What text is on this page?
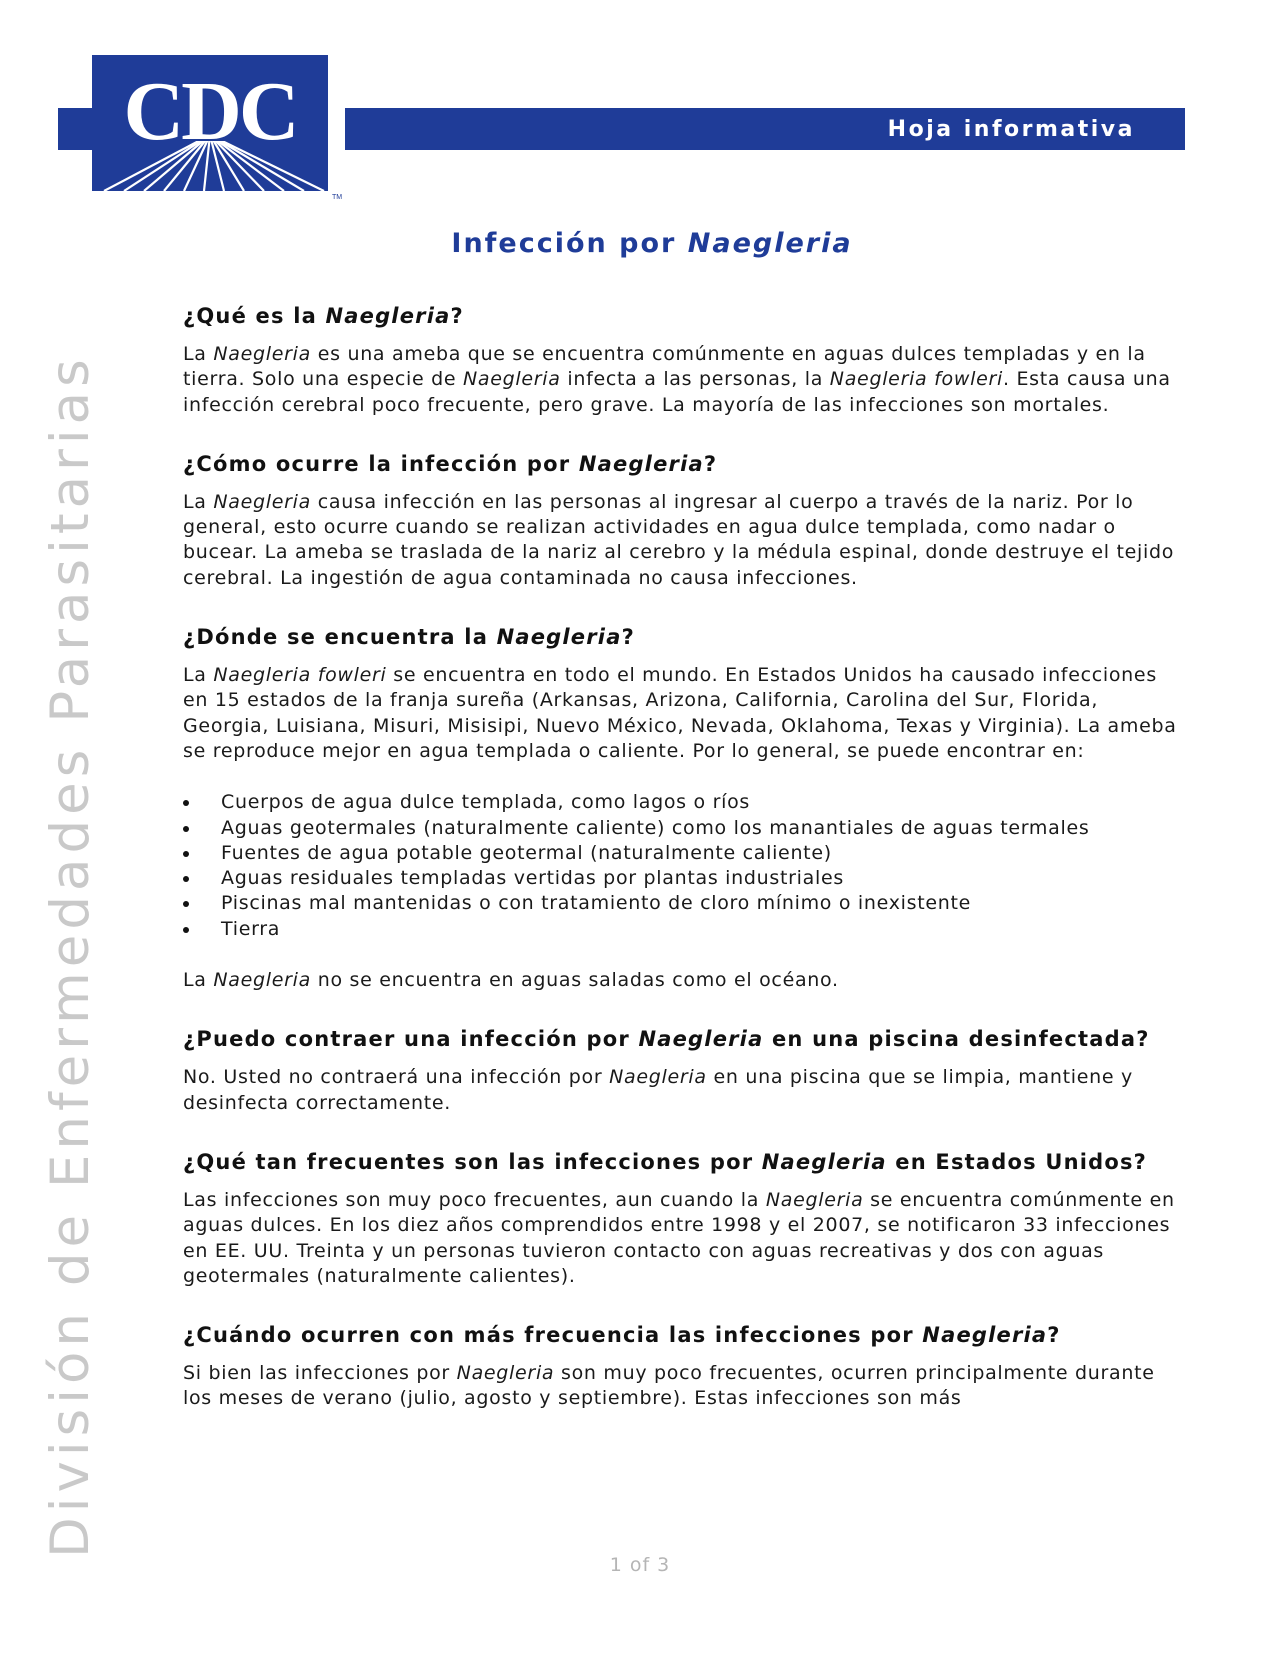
CDC
TM
Hoja informativa
División de Enfermedades Parasitarias
Infección por Naegleria
¿Qué es la Naegleria?

La Naegleria es una ameba que se encuentra comúnmente en aguas dulces templadas y en la tierra. Solo una especie de Naegleria infecta a las personas, la Naegleria fowleri. Esta causa una infección cerebral poco frecuente, pero grave. La mayoría de las infecciones son mortales.

¿Cómo ocurre la infección por Naegleria?

La Naegleria causa infección en las personas al ingresar al cuerpo a través de la nariz. Por lo general, esto ocurre cuando se realizan actividades en agua dulce templada, como nadar o bucear. La ameba se traslada de la nariz al cerebro y la médula espinal, donde destruye el tejido cerebral. La ingestión de agua contaminada no causa infecciones.

¿Dónde se encuentra la Naegleria?

La Naegleria fowleri se encuentra en todo el mundo. En Estados Unidos ha causado infecciones en 15 estados de la franja sureña (Arkansas, Arizona, California, Carolina del Sur, Florida, Georgia, Luisiana, Misuri, Misisipi, Nuevo México, Nevada, Oklahoma, Texas y Virginia). La ameba se reproduce mejor en agua templada o caliente. Por lo general, se puede encontrar en:

Cuerpos de agua dulce templada, como lagos o ríos
Aguas geotermales (naturalmente caliente) como los manantiales de aguas termales
Fuentes de agua potable geotermal (naturalmente caliente)
Aguas residuales templadas vertidas por plantas industriales
Piscinas mal mantenidas o con tratamiento de cloro mínimo o inexistente
Tierra

La Naegleria no se encuentra en aguas saladas como el océano.

¿Puedo contraer una infección por Naegleria en una piscina desinfectada?

No. Usted no contraerá una infección por Naegleria en una piscina que se limpia, mantiene y desinfecta correctamente.

¿Qué tan frecuentes son las infecciones por Naegleria en Estados Unidos?

Las infecciones son muy poco frecuentes, aun cuando la Naegleria se encuentra comúnmente en aguas dulces. En los diez años comprendidos entre 1998 y el 2007, se notificaron 33 infecciones en EE. UU. Treinta y un personas tuvieron contacto con aguas recreativas y dos con aguas geotermales (naturalmente calientes).

¿Cuándo ocurren con más frecuencia las infecciones por Naegleria?

Si bien las infecciones por Naegleria son muy poco frecuentes, ocurren principalmente durante los meses de verano (julio, agosto y septiembre). Estas infecciones son más

1 of 3
